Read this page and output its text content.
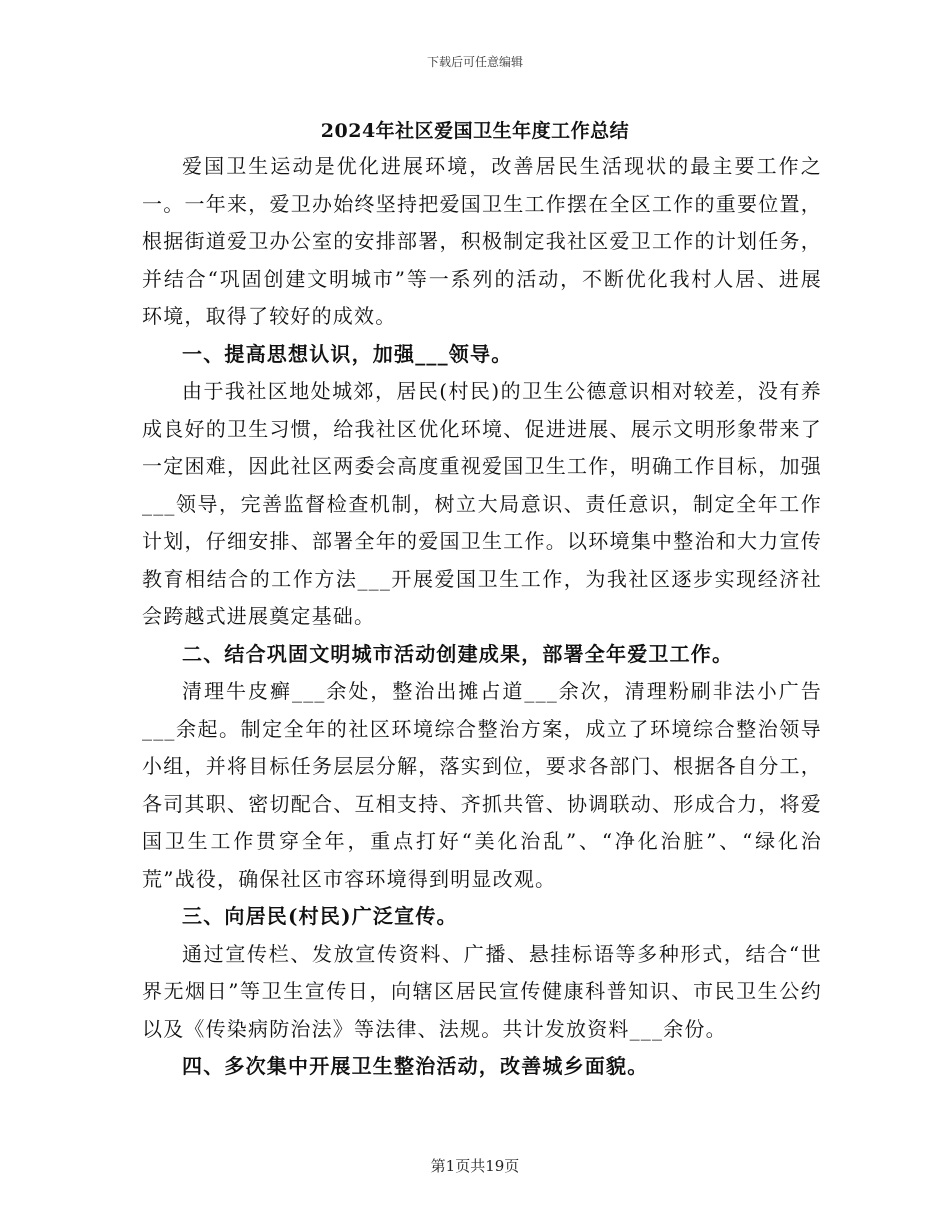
下载后可任意编辑
2024年社区爱国卫生年度工作总结

爱国卫生运动是优化进展环境，改善居民生活现状的最主要工作之一。一年来，爱卫办始终坚持把爱国卫生工作摆在全区工作的重要位置，根据街道爱卫办公室的安排部署，积极制定我社区爱卫工作的计划任务，并结合“巩固创建文明城市”等一系列的活动，不断优化我村人居、进展环境，取得了较好的成效。

一、提高思想认识，加强___领导。

由于我社区地处城郊，居民(村民)的卫生公德意识相对较差，没有养成良好的卫生习惯，给我社区优化环境、促进进展、展示文明形象带来了一定困难，因此社区两委会高度重视爱国卫生工作，明确工作目标，加强___领导，完善监督检查机制，树立大局意识、责任意识，制定全年工作计划，仔细安排、部署全年的爱国卫生工作。以环境集中整治和大力宣传教育相结合的工作方法___开展爱国卫生工作，为我社区逐步实现经济社会跨越式进展奠定基础。

二、结合巩固文明城市活动创建成果，部署全年爱卫工作。

清理牛皮癣___余处，整治出摊占道___余次，清理粉刷非法小广告___余起。制定全年的社区环境综合整治方案，成立了环境综合整治领导小组，并将目标任务层层分解，落实到位，要求各部门、根据各自分工，各司其职、密切配合、互相支持、齐抓共管、协调联动、形成合力，将爱国卫生工作贯穿全年，重点打好“美化治乱”、“净化治脏”、“绿化治荒”战役，确保社区市容环境得到明显改观。

三、向居民(村民)广泛宣传。

通过宣传栏、发放宣传资料、广播、悬挂标语等多种形式，结合“世界无烟日”等卫生宣传日，向辖区居民宣传健康科普知识、市民卫生公约以及《传染病防治法》等法律、法规。共计发放资料___余份。

四、多次集中开展卫生整治活动，改善城乡面貌。

第1页共19页
